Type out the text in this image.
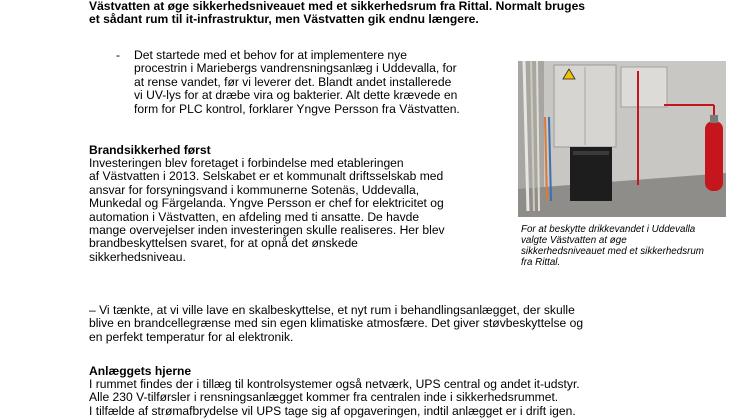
Västvatten at øge sikkerhedsniveauet med et sikkerhedsrum fra Rittal. Normalt bruges
et sådant rum til it-infrastruktur, men Västvatten gik endnu længere.
- Det startede med et behov for at implementere nye
procestrin i Mariebergs vandrensningsanlæg i Uddevalla, for
at rense vandet, før vi leverer det. Blandt andet installerede
vi UV-lys for at dræbe vira og bakterier. Alt dette krævede en
form for PLC kontrol, forklarer Yngve Persson fra Västvatten.
For at beskytte drikkevandet i Uddevalla
valgte Västvatten at øge
sikkerhedsniveauet med et sikkerhedsrum
fra Rittal.
Brandsikkerhed først
Investeringen blev foretaget i forbindelse med etableringen
af Västvatten i 2013. Selskabet er et kommunalt driftsselskab med
ansvar for forsyningsvand i kommunerne Sotenäs, Uddevalla,
Munkedal og Färgelanda. Yngve Persson er chef for elektricitet og
automation i Västvatten, en afdeling med ti ansatte. De havde
mange overvejelser inden investeringen skulle realiseres. Her blev
brandbeskyttelsen svaret, for at opnå det ønskede
sikkerhedsniveau.
– Vi tænkte, at vi ville lave en skalbeskyttelse, et nyt rum i behandlingsanlægget, der skulle
blive en brandcellegrænse med sin egen klimatiske atmosfære. Det giver støvbeskyttelse og
en perfekt temperatur for al elektronik.
Anlæggets hjerne
I rummet findes der i tillæg til kontrolsystemer også netværk, UPS central og andet it-udstyr.
Alle 230 V-tilførsler i rensningsanlægget kommer fra centralen inde i sikkerhedsrummet.
I tilfælde af strømafbrydelse vil UPS tage sig af opgaveringen, indtil anlægget er i drift igen.
